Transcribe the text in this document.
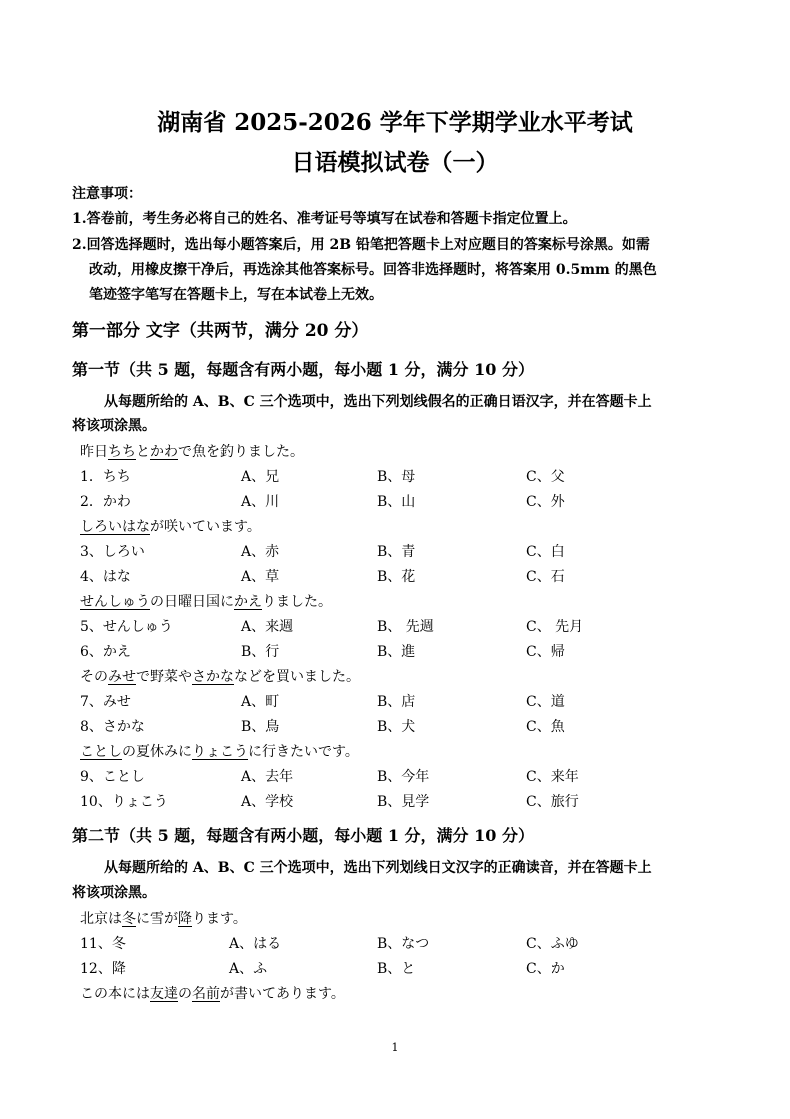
湖南省 2025-2026 学年下学期学业水平考试
日语模拟试卷（一）
注意事项：
1.答卷前，考生务必将自己的姓名、准考证号等填写在试卷和答题卡指定位置上。
2.回答选择题时，选出每小题答案后，用 2B 铅笔把答题卡上对应题目的答案标号涂黑。如需
改动，用橡皮擦干净后，再选涂其他答案标号。回答非选择题时，将答案用 0.5mm 的黑色
笔迹签字笔写在答题卡上，写在本试卷上无效。
第一部分 文字（共两节，满分 20 分）
第一节（共 5 题，每题含有两小题，每小题 1 分，满分 10 分）
从每题所给的 A、B、C 三个选项中，选出下列划线假名的正确日语汉字，并在答题卡上
将该项涂黑。
昨日ちちとかわで魚を釣りました。
1．ちち	A、兄	B、母	C、父
2．かわ	A、川	B、山	C、外
しろいはなが咲いています。
3、しろい	A、赤	B、青	C、白
4、はな	A、草	B、花	C、石
せんしゅうの日曜日国にかえりました。
5、せんしゅう	A、来週	B、 先週	C、 先月
6、かえ	B、行	B、進	C、帰
そのみせで野菜やさかななどを買いました。
7、みせ	A、町	B、店	C、道
8、さかな	B、鳥	B、犬	C、魚
ことしの夏休みにりょこうに行きたいです。
9、ことし	A、去年	B、今年	C、来年
10、りょこう	A、学校	B、見学	C、旅行
第二节（共 5 题，每题含有两小题，每小题 1 分，满分 10 分）
从每题所给的 A、B、C 三个选项中，选出下列划线日文汉字的正确读音，并在答题卡上
将该项涂黑。
北京は冬に雪が降ります。
11、冬	A、はる	B、なつ	C、ふゆ
12、降	A、ふ	B、と	C、か
この本には友達の名前が書いてあります。
1
